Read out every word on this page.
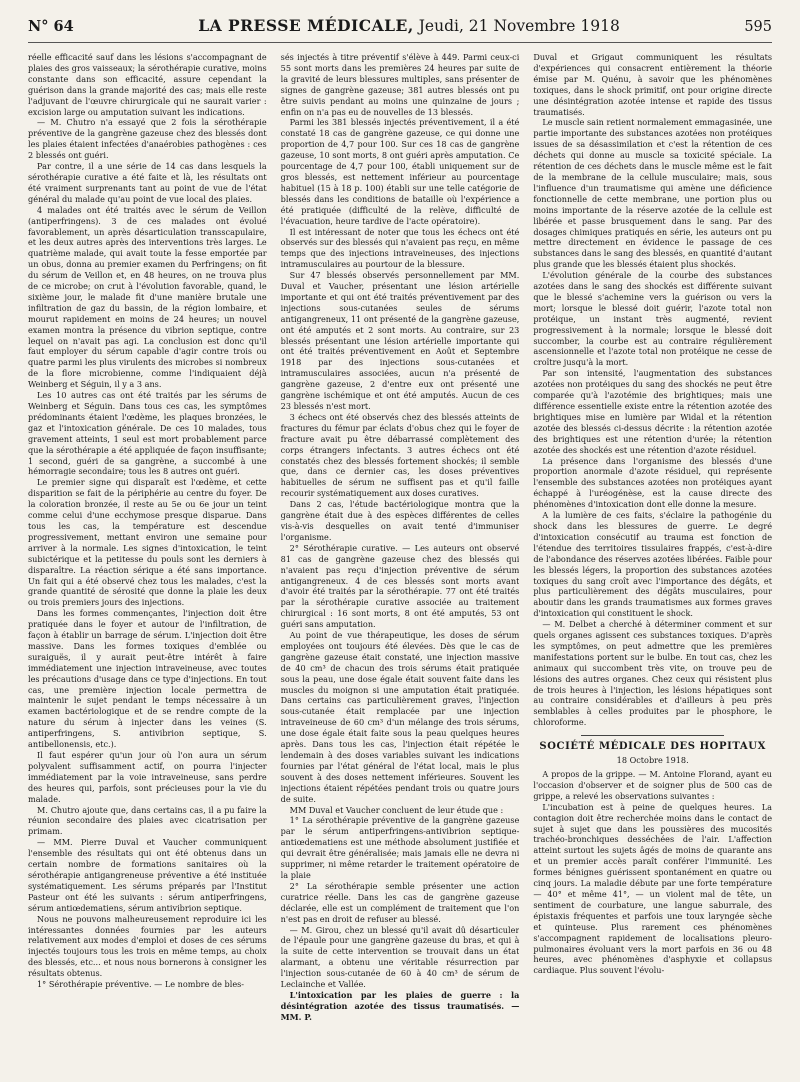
N° 64	LA PRESSE MÉDICALE, Jeudi, 21 Novembre 1918	595

réelle efficacité sauf dans les lésions s'accompagnant de plaies des gros vaisseaux; la sérothérapie curative, moins constante dans son efficacité, assure cependant la guérison dans la grande majorité des cas; mais elle reste l'adjuvant de l'œuvre chirurgicale qui ne saurait varier : excision large ou amputation suivant les indications.

— M. Chutro n'a essayé que 2 fois la sérothérapie préventive de la gangrène gazeuse chez des blessés dont les plaies étaient infectées d'anaérobies pathogènes : ces 2 blessés ont guéri.

Par contre, il a une série de 14 cas dans lesquels la sérothérapie curative a été faite et là, les résultats ont été vraiment surprenants tant au point de vue de l'état général du malade qu'au point de vue local des plaies.

4 malades ont été traités avec le sérum de Veillon (antiperfringens). 3 de ces malades ont évolué favorablement, un après désarticulation transscapulaire, et les deux autres après des interventions très larges. Le quatrième malade, qui avait toute la fesse emportée par un obus, donna au premier examen du Perfringens; on fit du sérum de Veillon et, en 48 heures, on ne trouva plus de ce microbe; on crut à l'évolution favorable, quand, le sixième jour, le malade fit d'une manière brutale une infiltration de gaz du bassin, de la région lombaire, et mourut rapidement en moins de 24 heures; un nouvel examen montra la présence du vibrion septique, contre lequel on n'avait pas agi. La conclusion est donc qu'il faut employer du sérum capable d'agir contre trois ou quatre parmi les plus virulents des microbes si nombreux de la flore microbienne, comme l'indiquaient déjà Weinberg et Séguin, il y a 3 ans.

Les 10 autres cas ont été traités par les sérums de Weinberg et Séguin. Dans tous ces cas, les symptômes prédominants étaient l'œdème, les plaques bronzées, le gaz et l'intoxication générale. De ces 10 malades, tous gravement atteints, 1 seul est mort probablement parce que la sérothérapie a été appliquée de façon insuffisante; 1 second, guéri de sa gangrène, a succombé à une hémorragie secondaire; tous les 8 autres ont guéri.

Le premier signe qui disparaît est l'œdème, et cette disparition se fait de la périphérie au centre du foyer. De la coloration bronzée, il reste au 5e ou 6e jour un teint comme celui d'une ecchymose presque disparue. Dans tous les cas, la température est descendue progressivement, mettant environ une semaine pour arriver à la normale. Les signes d'intoxication, le teint subictérique et la petitesse du pouls sont les derniers à disparaître. La réaction sérique a été sans importance. Un fait qui a été observé chez tous les malades, c'est la grande quantité de sérosité que donne la plaie les deux ou trois premiers jours des injections.

Dans les formes commençantes, l'injection doit être pratiquée dans le foyer et autour de l'infiltration, de façon à établir un barrage de sérum. L'injection doit être massive. Dans les formes toxiques d'emblée ou suraiguës, il y aurait peut-être intérêt à faire immédiatement une injection intraveineuse, avec toutes les précautions d'usage dans ce type d'injections. En tout cas, une première injection locale permettra de maintenir le sujet pendant le temps nécessaire à un examen bactériologique et de se rendre compte de la nature du sérum à injecter dans les veines (S. antiperfringens, S. antivibrion septique, S. antibellonensis, etc.).

Il faut espérer qu'un jour où l'on aura un sérum polyvalent suffisamment actif, on pourra l'injecter immédiatement par la voie intraveineuse, sans perdre des heures qui, parfois, sont précieuses pour la vie du malade.

M. Chutro ajoute que, dans certains cas, il a pu faire la réunion secondaire des plaies avec cicatrisation per primam.

— MM. Pierre Duval et Vaucher communiquent l'ensemble des résultats qui ont été obtenus dans un certain nombre de formations sanitaires où la sérothérapie antigangreneuse préventive a été instituée systématiquement. Les sérums préparés par l'Institut Pasteur ont été les suivants : sérum antiperfringens, sérum antiœdematiens, sérum antivibrion septique.

Nous ne pouvons malheureusement reproduire ici les intéressantes données fournies par les auteurs relativement aux modes d'emploi et doses de ces sérums injectés toujours tous les trois en même temps, au choix des blessés, etc... et nous nous bornerons à consigner les résultats obtenus.

1° Sérothérapie préventive. — Le nombre de bles-

sés injectés à titre préventif s'élève à 449. Parmi ceux-ci 55 sont morts dans les premières 24 heures par suite de la gravité de leurs blessures multiples, sans présenter de signes de gangrène gazeuse; 381 autres blessés ont pu être suivis pendant au moins une quinzaine de jours ; enfin on n'a pas eu de nouvelles de 13 blessés.

Parmi les 381 blessés injectés préventivement, il a été constaté 18 cas de gangrène gazeuse, ce qui donne une proportion de 4,7 pour 100. Sur ces 18 cas de gangrène gazeuse, 10 sont morts, 8 ont guéri après amputation. Ce pourcentage de 4,7 pour 100, établi uniquement sur de gros blessés, est nettement inférieur au pourcentage habituel (15 à 18 p. 100) établi sur une telle catégorie de blessés dans les conditions de bataille où l'expérience a été pratiquée (difficulté de la relève, difficulté de l'évacuation, heure tardive de l'acte opératoire).

Il est intéressant de noter que tous les échecs ont été observés sur des blessés qui n'avaient pas reçu, en même temps que des injections intraveineuses, des injections intramusculaires au pourtour de la blessure.

Sur 47 blessés observés personnellement par MM. Duval et Vaucher, présentant une lésion artérielle importante et qui ont été traités préventivement par des injections sous-cutanées seules de sérums antigangreneux, 11 ont présenté de la gangrène gazeuse, ont été amputés et 2 sont morts. Au contraire, sur 23 blessés présentant une lésion artérielle importante qui ont été traités préventivement en Août et Septembre 1918 par des injections sous-cutanées et intramusculaires associées, aucun n'a présenté de gangrène gazeuse, 2 d'entre eux ont présenté une gangrène ischémique et ont été amputés. Aucun de ces 23 blessés n'est mort.

3 échecs ont été observés chez des blessés atteints de fractures du fémur par éclats d'obus chez qui le foyer de fracture avait pu être débarrassé complètement des corps étrangers infectants. 3 autres échecs ont été constatés chez des blessés fortement shockés; il semble que, dans ce dernier cas, les doses préventives habituelles de sérum ne suffisent pas et qu'il faille recourir systématiquement aux doses curatives.

Dans 2 cas, l'étude bactériologique montra que la gangrène était due à des espèces différentes de celles vis-à-vis desquelles on avait tenté d'immuniser l'organisme.

2° Sérothérapie curative. — Les auteurs ont observé 81 cas de gangrène gazeuse chez des blessés qui n'avaient pas reçu d'injection préventive de sérum antigangreneux. 4 de ces blessés sont morts avant d'avoir été traités par la sérothérapie. 77 ont été traités par la sérothérapie curative associée au traitement chirurgical : 16 sont morts, 8 ont été amputés, 53 ont guéri sans amputation.

Au point de vue thérapeutique, les doses de sérum employées ont toujours été élevées. Dès que le cas de gangrène gazeuse était constaté, une injection massive de 40 cm³ de chacun des trois sérums était pratiquée sous la peau, une dose égale était souvent faite dans les muscles du moignon si une amputation était pratiquée. Dans certains cas particulièrement graves, l'injection sous-cutanée était remplacée par une injection intraveineuse de 60 cm³ d'un mélange des trois sérums, une dose égale était faite sous la peau quelques heures après. Dans tous les cas, l'injection était répétée le lendemain à des doses variables suivant les indications fournies par l'état général de l'état local, mais le plus souvent à des doses nettement inférieures. Souvent les injections étaient répétées pendant trois ou quatre jours de suite.

MM Duval et Vaucher concluent de leur étude que :

1° La sérothérapie préventive de la gangrène gazeuse par le sérum antiperfringens-antivibrion septique-antiœdematiens est une méthode absolument justifiée et qui devrait être généralisée; mais jamais elle ne devra ni supprimer, ni même retarder le traitement opératoire de la plaie

2° La sérothérapie semble présenter une action curatrice réelle. Dans les cas de gangrène gazeuse déclarée, elle est un complément de traitement que l'on n'est pas en droit de refuser au blessé.

— M. Girou, chez un blessé qu'il avait dû désarticuler de l'épaule pour une gangrène gazeuse du bras, et qui à la suite de cette intervention se trouvait dans un état alarmant, a obtenu une véritable résurrection par l'injection sous-cutanée de 60 à 40 cm³ de sérum de Leclainche et Vallée.

L'intoxication par les plaies de guerre : la désintégration azotée des tissus traumatisés. — MM. P.

Duval et Grigaut communiquent les résultats d'expériences qui consacrent entièrement la théorie émise par M. Quénu, à savoir que les phénomènes toxiques, dans le shock primitif, ont pour origine directe une désintégration azotée intense et rapide des tissus traumatisés.

Le muscle sain retient normalement emmagasinée, une partie importante des substances azotées non protéiques issues de sa désassimilation et c'est la rétention de ces déchets qui donne au muscle sa toxicité spéciale. La rétention de ces déchets dans le muscle même est le fait de la membrane de la cellule musculaire; mais, sous l'influence d'un traumatisme qui amène une déficience fonctionnelle de cette membrane, une portion plus ou moins importante de la réserve azotée de la cellule est libérée et passe brusquement dans le sang. Par des dosages chimiques pratiqués en série, les auteurs ont pu mettre directement en évidence le passage de ces substances dans le sang des blessés, en quantité d'autant plus grande que les blessés étaient plus shockés.

L'évolution générale de la courbe des substances azotées dans le sang des shockés est différente suivant que le blessé s'achemine vers la guérison ou vers la mort; lorsque le blessé doit guérir, l'azote total non protéique, un instant très augmenté, revient progressivement à la normale; lorsque le blessé doit succomber, la courbe est au contraire régulièrement ascensionnelle et l'azote total non protéique ne cesse de croître jusqu'à la mort.

Par son intensité, l'augmentation des substances azotées non protéiques du sang des shockés ne peut être comparée qu'à l'azotémie des brightiques; mais une différence essentielle existe entre la rétention azotée des brightiques mise en lumière par Widal et la rétention azotée des blessés ci-dessus décrite : la rétention azotée des brightiques est une rétention d'urée; la rétention azotée des shockés est une rétention d'azote résiduel.

La présence dans l'organisme des blessés d'une proportion anormale d'azote résiduel, qui représente l'ensemble des substances azotées non protéiques ayant échappé à l'uréogénèse, est la cause directe des phénomènes d'intoxication dont elle donne la mesure.

A la lumière de ces faits, s'éclaire la pathogénie du shock dans les blessures de guerre. Le degré d'intoxication consécutif au trauma est fonction de l'étendue des territoires tissulaires frappés, c'est-à-dire de l'abondance des réserves azotées libérées. Faible pour les blessés légers, la proportion des substances azotées toxiques du sang croît avec l'importance des dégâts, et plus particulièrement des dégâts musculaires, pour aboutir dans les grands traumatismes aux formes graves d'intoxication qui constituent le shock.

— M. Delbet a cherché à déterminer comment et sur quels organes agissent ces substances toxiques. D'après les symptômes, on peut admettre que les premières manifestations portent sur le bulbe. En tout cas, chez les animaux qui succombent très vite, on trouve peu de lésions des autres organes. Chez ceux qui résistent plus de trois heures à l'injection, les lésions hépatiques sont au contraire considérables et d'ailleurs à peu près semblables à celles produites par le phosphore, le chloroforme.

SOCIÉTÉ MÉDICALE DES HOPITAUX
18 Octobre 1918.

A propos de la grippe. — M. Antoine Florand, ayant eu l'occasion d'observer et de soigner plus de 500 cas de grippe, a relevé les observations suivantes :

L'incubation est à peine de quelques heures. La contagion doit être recherchée moins dans le contact de sujet à sujet que dans les poussières des mucosités trachéo-bronchiques desséchées de l'air. L'affection atteint surtout les sujets âgés de moins de quarante ans et un premier accès paraît conférer l'immunité. Les formes bénignes guérissent spontanément en quatre ou cinq jours. La maladie débute par une forte température — 40° et même 41°, — un violent mal de tête, un sentiment de courbature, une langue saburrale, des épistaxis fréquentes et parfois une toux laryngée sèche et quinteuse. Plus rarement ces phénomènes s'accompagnent rapidement de localisations pleuro-pulmonaires évoluant vers la mort parfois en 36 ou 48 heures, avec phénomènes d'asphyxie et collapsus cardiaque. Plus souvent l'évolu-
